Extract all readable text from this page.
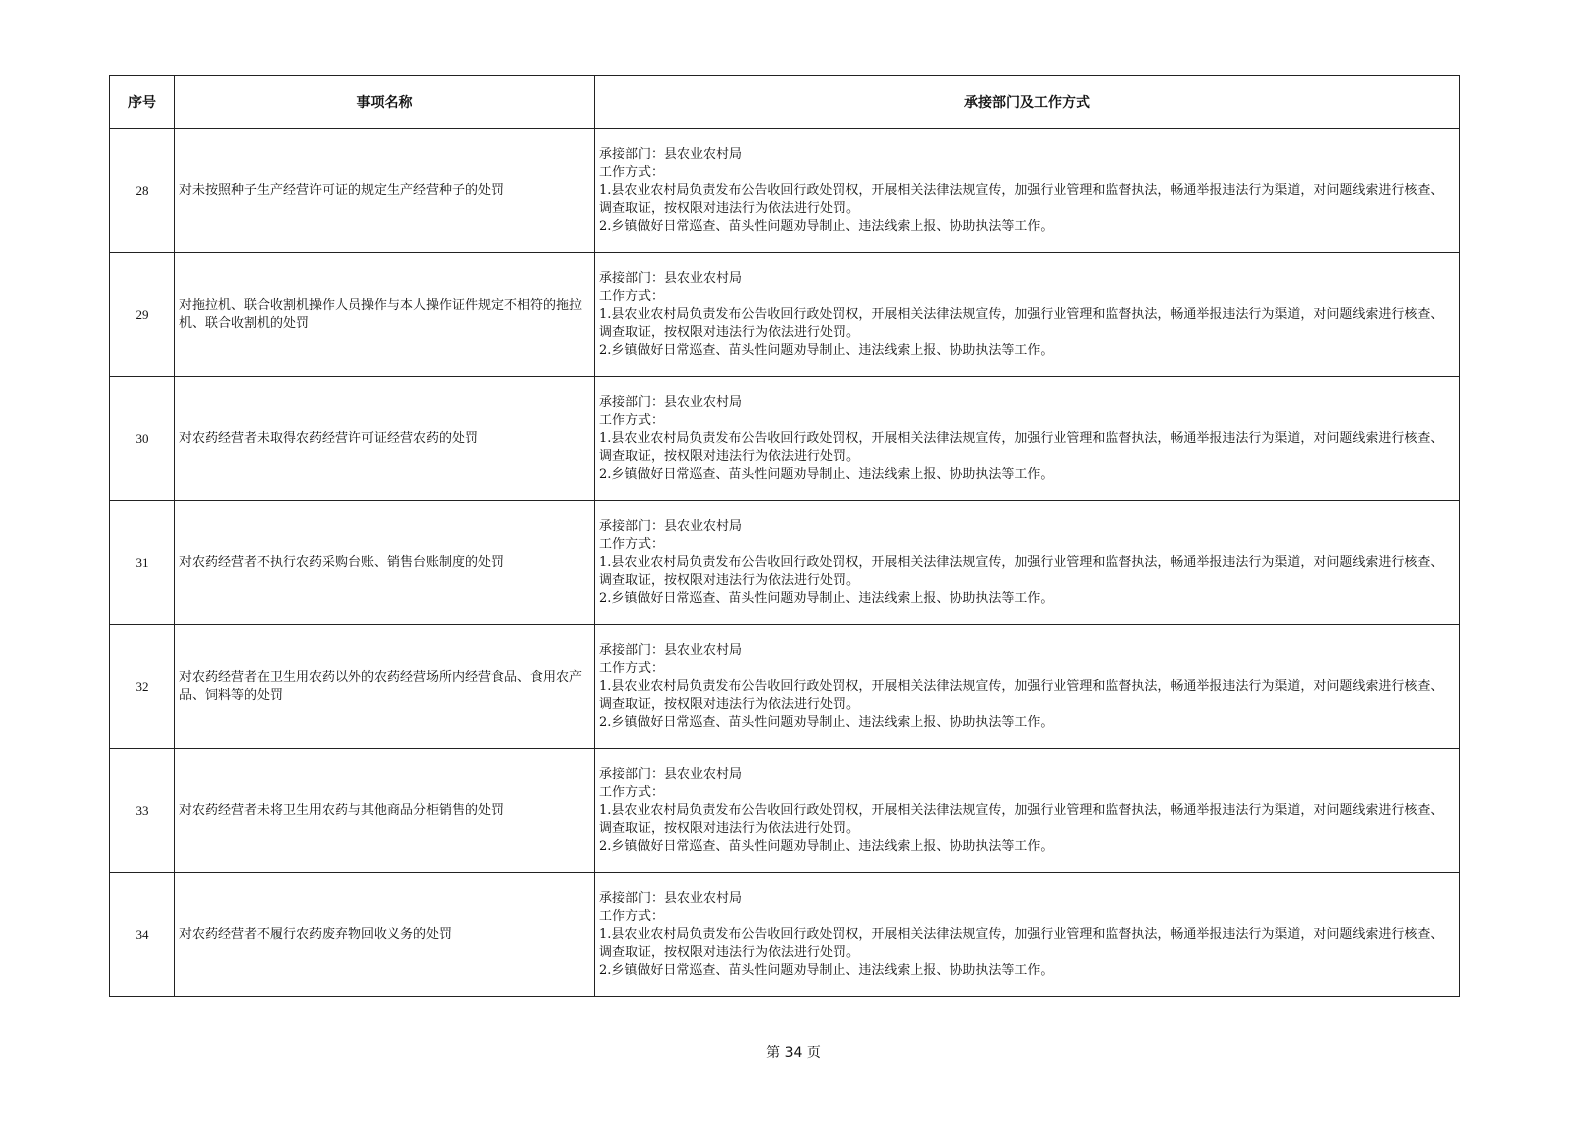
序号	事项名称	承接部门及工作方式
28	对未按照种子生产经营许可证的规定生产经营种子的处罚	承接部门：县农业农村局
工作方式：
1.县农业农村局负责发布公告收回行政处罚权，开展相关法律法规宣传，加强行业管理和监督执法，畅通举报违法行为渠道，对问题线索进行核查、调查取证，按权限对违法行为依法进行处罚。
2.乡镇做好日常巡查、苗头性问题劝导制止、违法线索上报、协助执法等工作。

29	对拖拉机、联合收割机操作人员操作与本人操作证件规定不相符的拖拉机、联合收割机的处罚	承接部门：县农业农村局
工作方式：
1.县农业农村局负责发布公告收回行政处罚权，开展相关法律法规宣传，加强行业管理和监督执法，畅通举报违法行为渠道，对问题线索进行核查、调查取证，按权限对违法行为依法进行处罚。
2.乡镇做好日常巡查、苗头性问题劝导制止、违法线索上报、协助执法等工作。

30	对农药经营者未取得农药经营许可证经营农药的处罚	承接部门：县农业农村局
工作方式：
1.县农业农村局负责发布公告收回行政处罚权，开展相关法律法规宣传，加强行业管理和监督执法，畅通举报违法行为渠道，对问题线索进行核查、调查取证，按权限对违法行为依法进行处罚。
2.乡镇做好日常巡查、苗头性问题劝导制止、违法线索上报、协助执法等工作。

31	对农药经营者不执行农药采购台账、销售台账制度的处罚	承接部门：县农业农村局
工作方式：
1.县农业农村局负责发布公告收回行政处罚权，开展相关法律法规宣传，加强行业管理和监督执法，畅通举报违法行为渠道，对问题线索进行核查、调查取证，按权限对违法行为依法进行处罚。
2.乡镇做好日常巡查、苗头性问题劝导制止、违法线索上报、协助执法等工作。

32	对农药经营者在卫生用农药以外的农药经营场所内经营食品、食用农产品、饲料等的处罚	承接部门：县农业农村局
工作方式：
1.县农业农村局负责发布公告收回行政处罚权，开展相关法律法规宣传，加强行业管理和监督执法，畅通举报违法行为渠道，对问题线索进行核查、调查取证，按权限对违法行为依法进行处罚。
2.乡镇做好日常巡查、苗头性问题劝导制止、违法线索上报、协助执法等工作。

33	对农药经营者未将卫生用农药与其他商品分柜销售的处罚	承接部门：县农业农村局
工作方式：
1.县农业农村局负责发布公告收回行政处罚权，开展相关法律法规宣传，加强行业管理和监督执法，畅通举报违法行为渠道，对问题线索进行核查、调查取证，按权限对违法行为依法进行处罚。
2.乡镇做好日常巡查、苗头性问题劝导制止、违法线索上报、协助执法等工作。

34	对农药经营者不履行农药废弃物回收义务的处罚	承接部门：县农业农村局
工作方式：
1.县农业农村局负责发布公告收回行政处罚权，开展相关法律法规宣传，加强行业管理和监督执法，畅通举报违法行为渠道，对问题线索进行核查、调查取证，按权限对违法行为依法进行处罚。
2.乡镇做好日常巡查、苗头性问题劝导制止、违法线索上报、协助执法等工作。
第 34 页
